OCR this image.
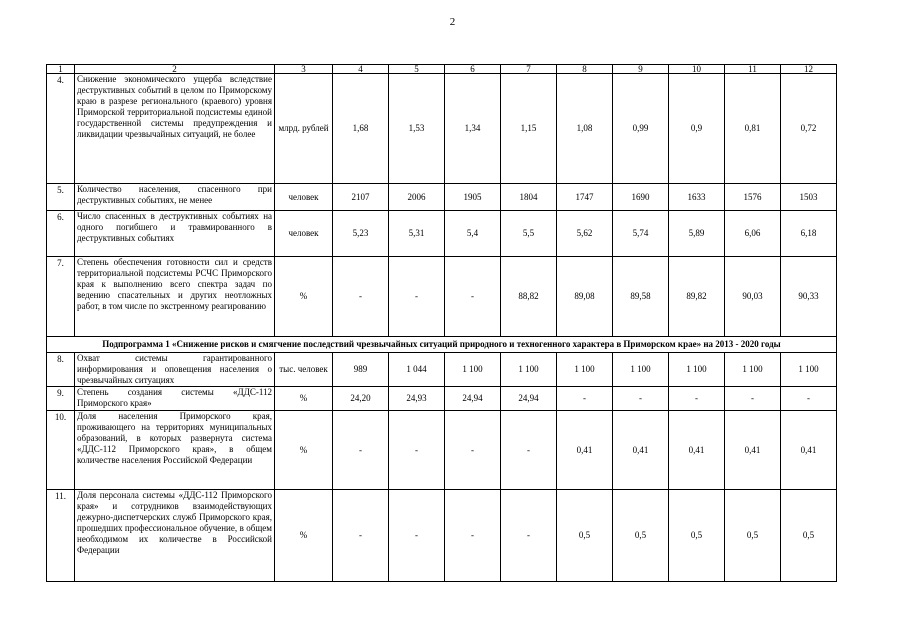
2
1	2	3	4	5	6	7	8	9	10	11	12
4.	Снижение экономического ущерба вследствие деструктивных событий в целом по Приморскому краю в разрезе регионального (краевого) уровня Приморской территориальной подсистемы единой государственной системы предупреждения и ликвидации чрезвычайных ситуаций, не более	млрд. рублей	1,68	1,53	1,34	1,15	1,08	0,99	0,9	0,81	0,72
5.	Количество населения, спасенного при деструктивных событиях, не менее	человек	2107	2006	1905	1804	1747	1690	1633	1576	1503
6.	Число спасенных в деструктивных событиях на одного погибшего и травмированного в деструктивных событиях	человек	5,23	5,31	5,4	5,5	5,62	5,74	5,89	6,06	6,18
7.	Степень обеспечения готовности сил и средств территориальной подсистемы РСЧС Приморского края к выполнению всего спектра задач по ведению спасательных и других неотложных работ, в том числе по экстренному реагированию	%	-	-	-	88,82	89,08	89,58	89,82	90,03	90,33
Подпрограмма 1 «Снижение рисков и смягчение последствий чрезвычайных ситуаций природного и техногенного характера в Приморском крае» на 2013 - 2020 годы											
8.	Охват системы гарантированного информирования и оповещения населения о чрезвычайных ситуациях	тыс. человек	989	1 044	1 100	1 100	1 100	1 100	1 100	1 100	1 100
9.	Степень создания системы «ДДС-112 Приморского края»	%	24,20	24,93	24,94	24,94	-	-	-	-	-
10.	Доля населения Приморского края, проживающего на территориях муниципальных образований, в которых развернута система «ДДС-112 Приморского края», в общем количестве населения Российской Федерации	%	-	-	-	-	0,41	0,41	0,41	0,41	0,41
11.	Доля персонала системы «ДДС-112 Приморского края» и сотрудников взаимодействующих дежурно-диспетчерских служб Приморского края, прошедших профессиональное обучение, в общем необходимом их количестве в Российской Федерации	%	-	-	-	-	0,5	0,5	0,5	0,5	0,5
